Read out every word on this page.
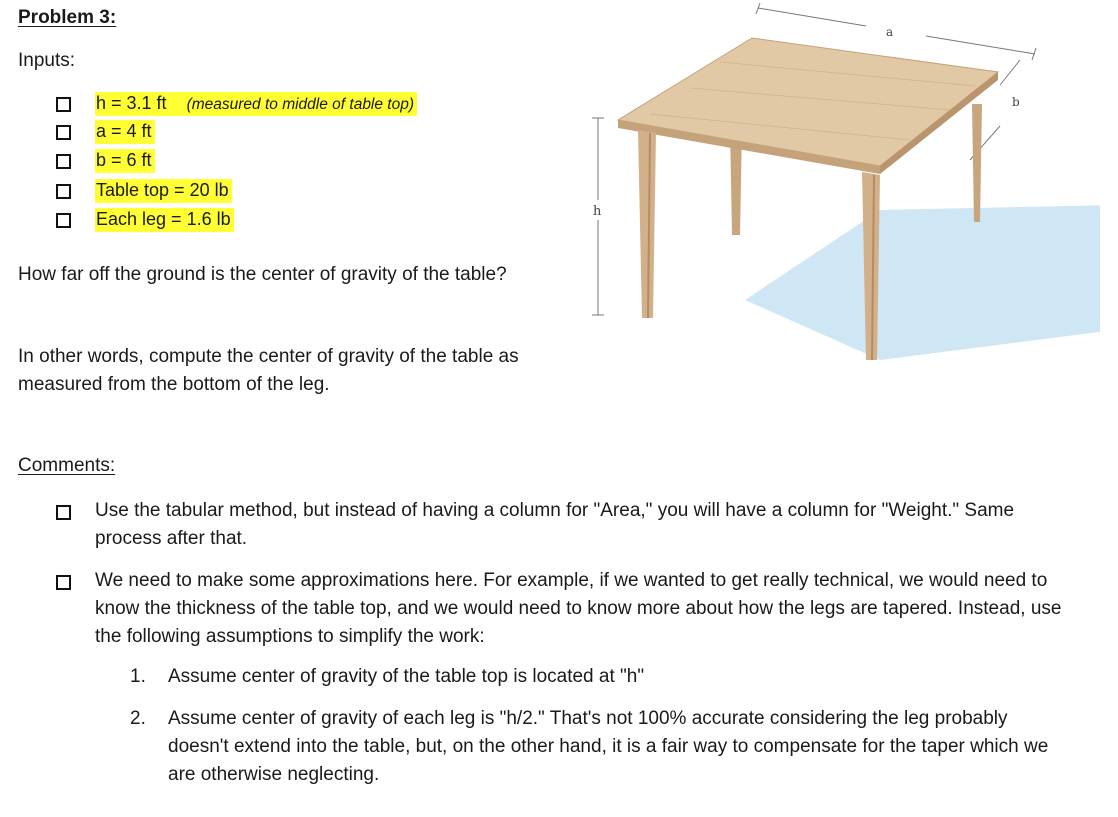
Problem 3:
Inputs:
h = 3.1 ft (measured to middle of table top)
a = 4 ft
b = 6 ft
Table top = 20 lb
Each leg = 1.6 lb
How far off the ground is the center of gravity of the table?
In other words, compute the center of gravity of the table as measured from the bottom of the leg.
a
b
h
Comments:
Use the tabular method, but instead of having a column for "Area," you will have a column for "Weight." Same process after that.
We need to make some approximations here. For example, if we wanted to get really technical, we would need to know the thickness of the table top, and we would need to know more about how the legs are tapered. Instead, use the following assumptions to simplify the work:
1.	Assume center of gravity of the table top is located at "h"
2.	Assume center of gravity of each leg is "h/2." That's not 100% accurate considering the leg probably doesn't extend into the table, but, on the other hand, it is a fair way to compensate for the taper which we are otherwise neglecting.
